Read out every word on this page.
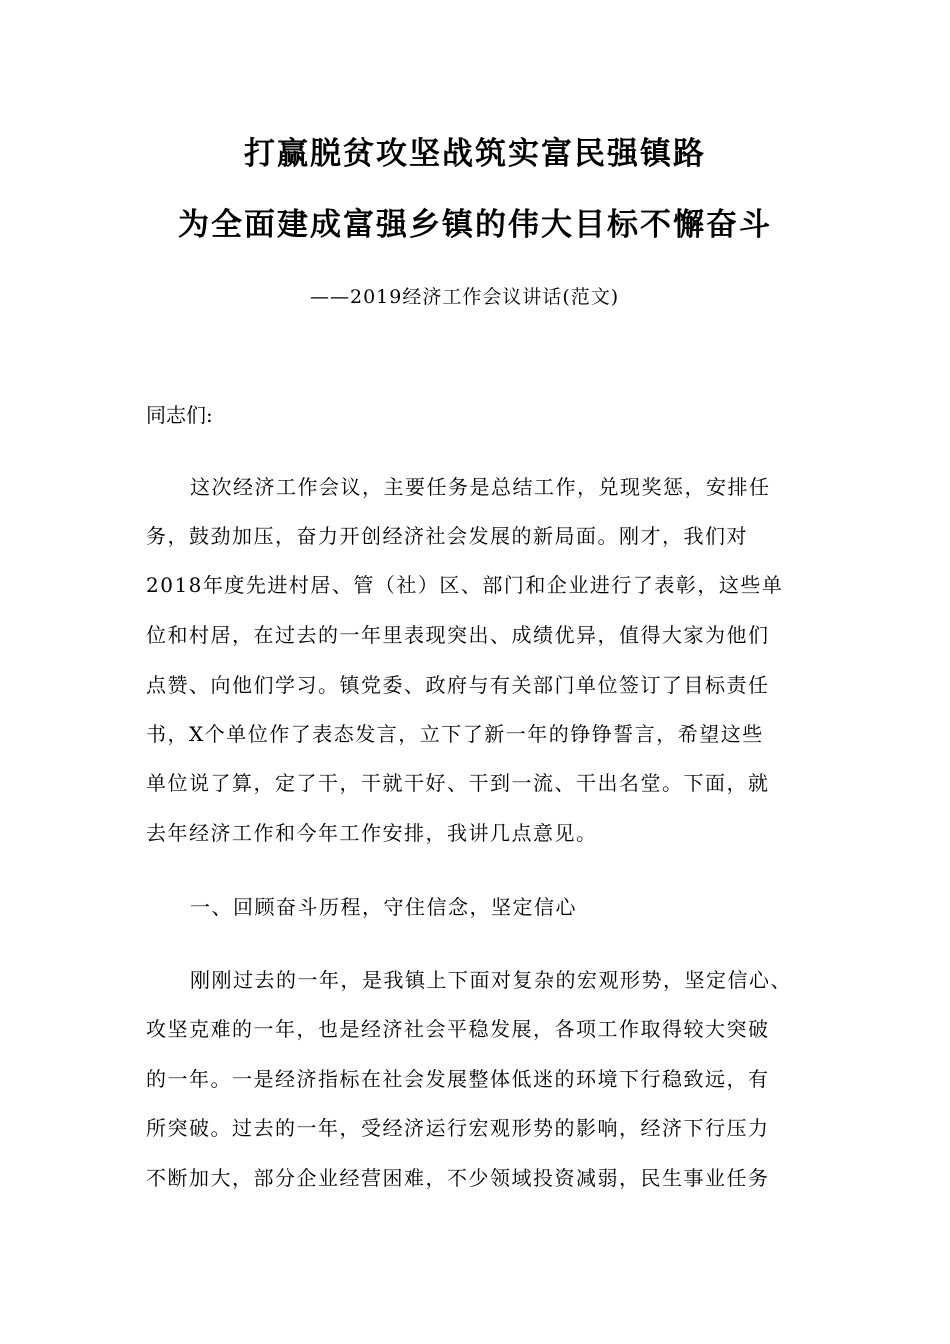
打赢脱贫攻坚战筑实富民强镇路
为全面建成富强乡镇的伟大目标不懈奋斗
——2019经济工作会议讲话(范文)
同志们:
这次经济工作会议，主要任务是总结工作，兑现奖惩，安排任
务，鼓劲加压，奋力开创经济社会发展的新局面。刚才，我们对
2018年度先进村居、管（社）区、部门和企业进行了表彰，这些单
位和村居，在过去的一年里表现突出、成绩优异，值得大家为他们
点赞、向他们学习。镇党委、政府与有关部门单位签订了目标责任
书，X个单位作了表态发言，立下了新一年的铮铮誓言，希望这些
单位说了算，定了干，干就干好、干到一流、干出名堂。下面，就
去年经济工作和今年工作安排，我讲几点意见。
一、回顾奋斗历程，守住信念，坚定信心
刚刚过去的一年，是我镇上下面对复杂的宏观形势，坚定信心、
攻坚克难的一年，也是经济社会平稳发展，各项工作取得较大突破
的一年。一是经济指标在社会发展整体低迷的环境下行稳致远，有
所突破。过去的一年，受经济运行宏观形势的影响，经济下行压力
不断加大，部分企业经营困难，不少领域投资减弱，民生事业任务
